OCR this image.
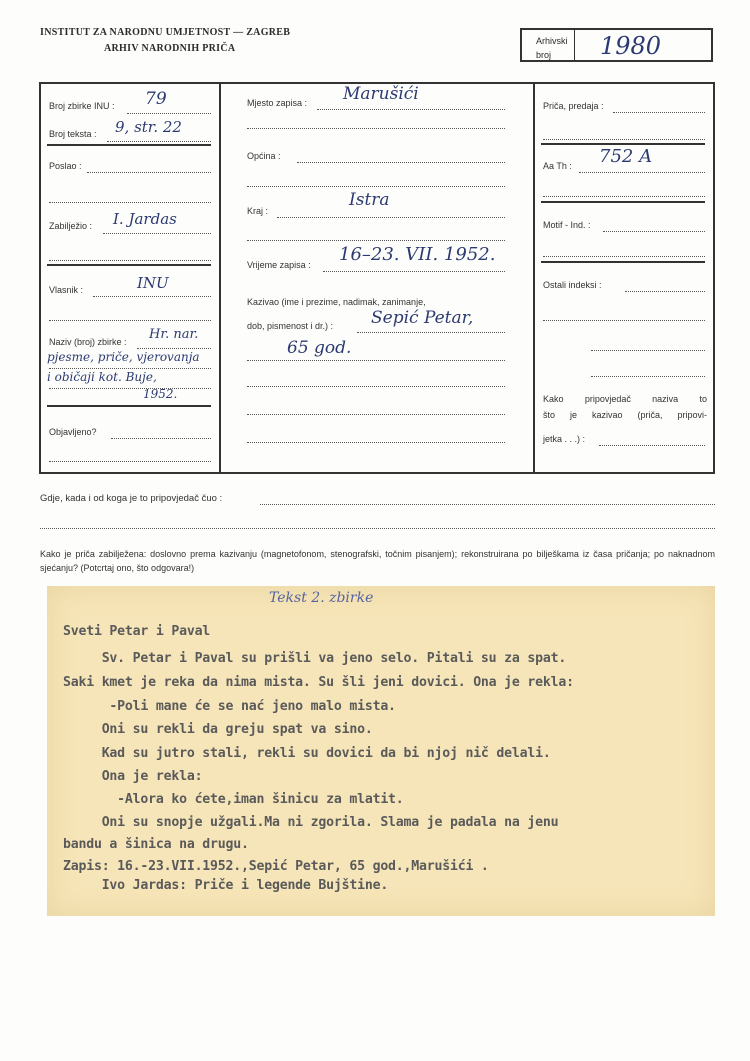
INSTITUT ZA NARODNU UMJETNOST — ZAGREB
ARHIV NARODNIH PRIČA
Arhivski
broj	1980
Broj zbirke INU : 79
Broj teksta : 9, str. 22
Poslao :
Zabilježio : I. Jardas
Vlasnik :	INU
Naziv (broj) zbirke : Hr. nar.
pjesme, priče, vjerovanja
i običaji kot. Buje,
1952.
Objavljeno?
Mjesto zapisa : Marušići
Općina :
Kraj :
Istra
Vrijeme zapisa : 16–23. VII. 1952.
Kazivao (ime i prezime, nadimak, zanimanje,
dob, pismenost i dr.) : Sepić Petar,
65 god.
Priča, predaja :
Aa Th : 752 A
Motif - Ind. :
Ostali indeksi :
Kako pripovjedač naziva to
što je kazivao (priča, pripovi-
jetka . . .) :
Gdje, kada i od koga je to pripovjedač čuo :
Kako je priča zabilježena: doslovno prema kazivanju (magnetofonom, stenografski, točnim pisanjem); rekonstruirana po bilješkama iz časa pričanja; po naknadnom sjećanju? (Potcrtaj ono, što odgovara!)
Tekst 2. zbirke
Sveti Petar i Paval
Sv. Petar i Paval su prišli va jeno selo. Pitali su za spat.
Saki kmet je reka da nima mista. Su šli jeni dovici. Ona je rekla:
-Poli mane će se nać jeno malo mista.
Oni su rekli da greju spat va sino.
Kad su jutro stali, rekli su dovici da bi njoj nič delali.
Ona je rekla:
-Alora ko ćete,iman šinicu za mlatit.
Oni su snopje užgali.Ma ni zgorila. Slama je padala na jenu
bandu a šinica na drugu.
Zapis: 16.-23.VII.1952.,Sepić Petar, 65 god.,Marušići .
Ivo Jardas: Priče i legende Bujštine.
